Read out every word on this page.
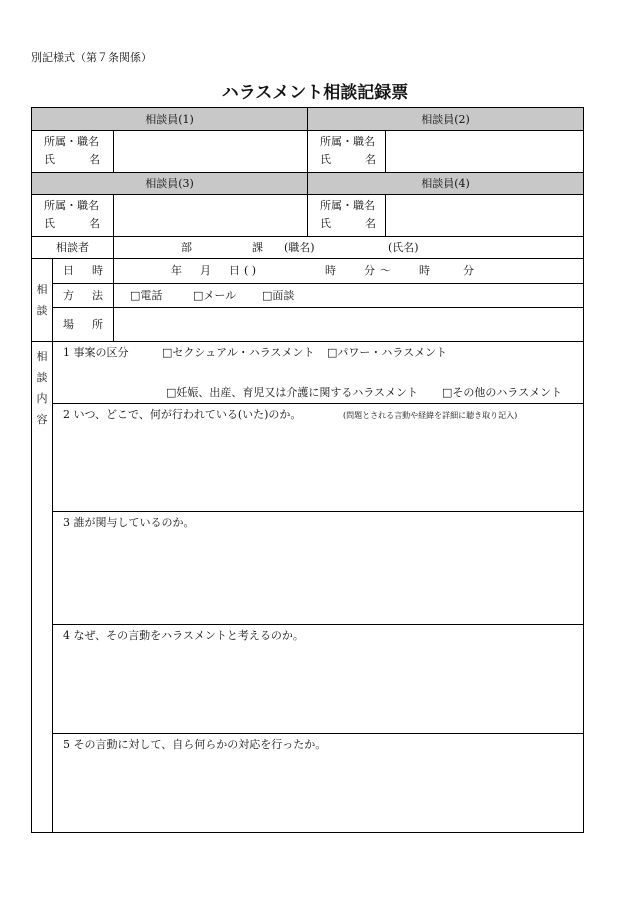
別記様式（第７条関係）
ハラスメント相談記録票
相談員(1)	相談員(2)
相談員(3)	相談員(4)
所属・職名
氏	名
所属・職名
氏	名
所属・職名
氏	名
所属・職名
氏	名
相談者	部	課 (職名)	(氏名)
相
談
日 時	年 月 日 ( )	時	分 ～	時	分
方 法 □電話	□メール □面談
場 所
相
談
内
容
1 事案の区分	□セクシュアル・ハラスメント □パワー・ハラスメント
□妊娠、出産、育児又は介護に関するハラスメント □その他のハラスメント
2 いつ、どこで、何が行われている(いた)のか。	(問題とされる言動や経緯を詳細に聴き取り記入)
3 誰が関与しているのか。
4 なぜ、その言動をハラスメントと考えるのか。
5 その言動に対して、自ら何らかの対応を行ったか。
